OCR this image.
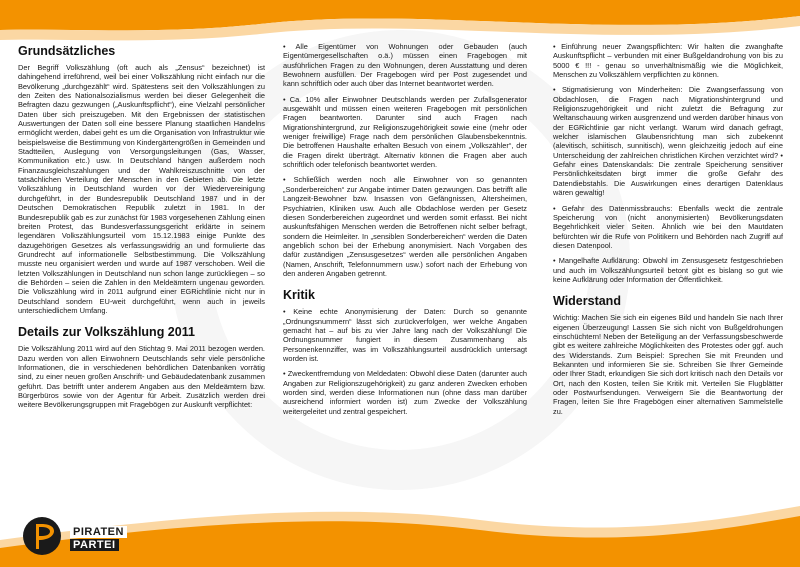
Grundsätzliches

Der Begriff Volkszählung (oft auch als „Zensus“ bezeichnet) ist dahingehend irreführend, weil bei einer Volkszählung nicht einfach nur die Bevölkerung „durchgezählt“ wird. Spätestens seit den Volkszählungen zu den Zeiten des Nationalsozialismus werden bei dieser Gelegenheit die Befragten dazu gezwungen („Auskunftspflicht“), eine Vielzahl persönlicher Daten über sich preiszugeben. Mit den Ergebnissen der statistischen Auswertungen der Daten soll eine bessere Planung staatlichen Handelns ermöglicht werden, dabei geht es um die Organisation von Infrastruktur wie beispielsweise die Bestimmung von Kindergärtengrößen in Gemeinden und Stadtteilen, Auslegung von Versorgungsleitungen (Gas, Wasser, Kommunikation etc.) usw. In Deutschland hängen außerdem noch Finanzausgleichszahlungen und der Wahlkreiszuschnitte von der tatsächlichen Verteilung der Menschen in den Gebieten ab. Die letzte Volkszählung in Deutschland wurden vor der Wiedervereinigung durchgeführt, in der Bundesrepublik Deutschland 1987 und in der Deutschen Demokratischen Republik zuletzt in 1981. In der Bundesrepublik gab es zur zunächst für 1983 vorgesehenen Zählung einen breiten Protest, das Bundesverfassungsgericht erklärte in seinem legendären Volkszählungsurteil vom 15.12.1983 einige Punkte des dazugehörigen Gesetzes als verfassungswidrig an und formulierte das Grundrecht auf informationelle Selbstbestimmung. Die Volkszählung musste neu organisiert werden und wurde auf 1987 verschoben. Weil die letzten Volkszählungen in Deutschland nun schon lange zurückliegen – so die Behörden – seien die Zahlen in den Meldeämtern ungenau geworden. Die Volkszählung wird in 2011 aufgrund einer EGRichtlinie nicht nur in Deutschland sondern EU-weit durchgeführt, wenn auch in jeweils unterschiedlichem Umfang.

Details zur Volkszählung 2011

Die Volkszählung 2011 wird auf den Stichtag 9. Mai 2011 bezogen werden. Dazu werden von allen Einwohnern Deutschlands sehr viele persönliche Informationen, die in verschiedenen behördlichen Datenbanken vorrätig sind, zu einer neuen großen Anschrift- und Gebäudedatenbank zusammen geführt. Das betrifft unter anderem Angaben aus den Meldeämtern bzw. Bürgerbüros sowie von der Agentur für Arbeit. Zusätzlich werden drei weitere Bevölkerungsgruppen mit Fragebögen zur Auskunft verpflichtet:

• Alle Eigentümer von Wohnungen oder Gebauden (auch Eigentümergesellschaften o.ä.) müssen einen Fragebogen mit ausführlichen Fragen zu den Wohnungen, deren Ausstattung und deren Bewohnern ausfüllen. Der Fragebogen wird per Post zugesendet und kann schriftlich oder auch über das Internet beantwortet werden.

• Ca. 10% aller Einwohner Deutschlands werden per Zufallsgenerator ausgewählt und müssen einen weiteren Fragebogen mit persönlichen Fragen beantworten. Darunter sind auch Fragen nach Migrationshintergrund, zur Religionszugehörigkeit sowie eine (mehr oder weniger freiwillige) Frage nach dem persönlichen Glaubensbekenntnis. Die betroffenen Haushalte erhalten Besuch von einem „Volkszähler“, der die Fragen direkt überträgt. Alternativ können die Fragen aber auch schriftlich oder telefonisch beantwortet werden.

• Schließlich werden noch alle Einwohner von so genannten „Sonderbereichen“ zur Angabe intimer Daten gezwungen. Das betrifft alle Langzeit-Bewohner bzw. Insassen von Gefängnissen, Altersheimen, Psychiatrien, Kliniken usw. Auch alle Obdachlose werden per Gesetz diesen Sonderbereichen zugeordnet und werden somit erfasst. Bei nicht auskunftsfähigen Menschen werden die Betroffenen nicht selber befragt, sondern die Heimleiter. In „sensiblen Sonderbereichen“ werden die Daten angeblich schon bei der Erhebung anonymisiert. Nach Vorgaben des dafür zuständigen „Zensusgesetzes“ werden alle persönlichen Angaben (Namen, Anschrift, Telefonnummern usw.) sofort nach der Erhebung von den anderen Angaben getrennt.

Kritik

• Keine echte Anonymisierung der Daten: Durch so genannte „Ordnungsnummern“ lässt sich zurückverfolgen, wer welche Angaben gemacht hat – auf bis zu vier Jahre lang nach der Volkszählung! Die Ordnungsnummer fungiert in diesem Zusammenhang als Personenkennziffer, was im Volkszählungsurteil ausdrücklich untersagt worden ist.

• Zweckentfremdung von Meldedaten: Obwohl diese Daten (darunter auch Angaben zur Religionszugehörigkeit) zu ganz anderen Zwecken erhoben worden sind, werden diese Informationen nun (ohne dass man darüber ausreichend informiert worden ist) zum Zwecke der Volkszählung weitergeleitet und zentral gespeichert.

• Einführung neuer Zwangspflichten: Wir halten die zwanghafte Auskunftspflicht – verbunden mit einer Bußgeldandrohung von bis zu 5000 € !!! - genau so unverhältnismäßig wie die Möglichkeit, Menschen zu Volkszählern verpflichten zu können.

• Stigmatisierung von Minderheiten: Die Zwangserfassung von Obdachlosen, die Fragen nach Migrationshintergrund und Religionszugehörigkeit und nicht zuletzt die Befragung zur Weltanschauung wirken ausgrenzend und werden darüber hinaus von der EGRichtlinie gar nicht verlangt. Warum wird danach gefragt, welcher islamischen Glaubensrichtung man sich zubekennt (alevitisch, schiitisch, sunnitisch), wenn gleichzeitig jedoch auf eine Unterscheidung der zahlreichen christlichen Kirchen verzichtet wird? • Gefahr eines Datenskandals: Die zentrale Speicherung sensitiver Persönlichkeitsdaten birgt immer die große Gefahr des Datendiebstahls. Die Auswirkungen eines derartigen Datenklaus wären gewaltig!

• Gefahr des Datenmissbrauchs: Ebenfalls weckt die zentrale Speicherung von (nicht anonymisierten) Bevölkerungsdaten Begehrlichkeit vieler Seiten. Ähnlich wie bei den Mautdaten befürchten wir die Rufe von Politikern und Behörden nach Zugriff auf diesen Datenpool.

• Mangelhafte Aufklärung: Obwohl im Zensusgesetz festgeschrieben und auch im Volkszählungsurteil betont gibt es bislang so gut wie keine Aufklärung oder Information der Öffentlichkeit.

Widerstand

Wichtig: Machen Sie sich ein eigenes Bild und handeln Sie nach Ihrer eigenen Überzeugung! Lassen Sie sich nicht von Bußgeldrohungen einschüchtern! Neben der Beteiligung an der Verfassungsbeschwerde gibt es weitere zahlreiche Möglichkeiten des Protestes oder ggf. auch des Widerstands. Zum Beispiel: Sprechen Sie mit Freunden und Bekannten und informieren Sie sie. Schreiben Sie Ihrer Gemeinde oder Ihrer Stadt, erkundigen Sie sich dort kritisch nach den Details vor Ort, nach den Kosten, teilen Sie Kritik mit. Verteilen Sie Flugblätter oder Postwurfsendungen. Verweigern Sie die Beantwortung der Fragen, leiten Sie Ihre Fragebögen einer alternativen Sammelstelle zu.

PIRATEN
PARTEI
